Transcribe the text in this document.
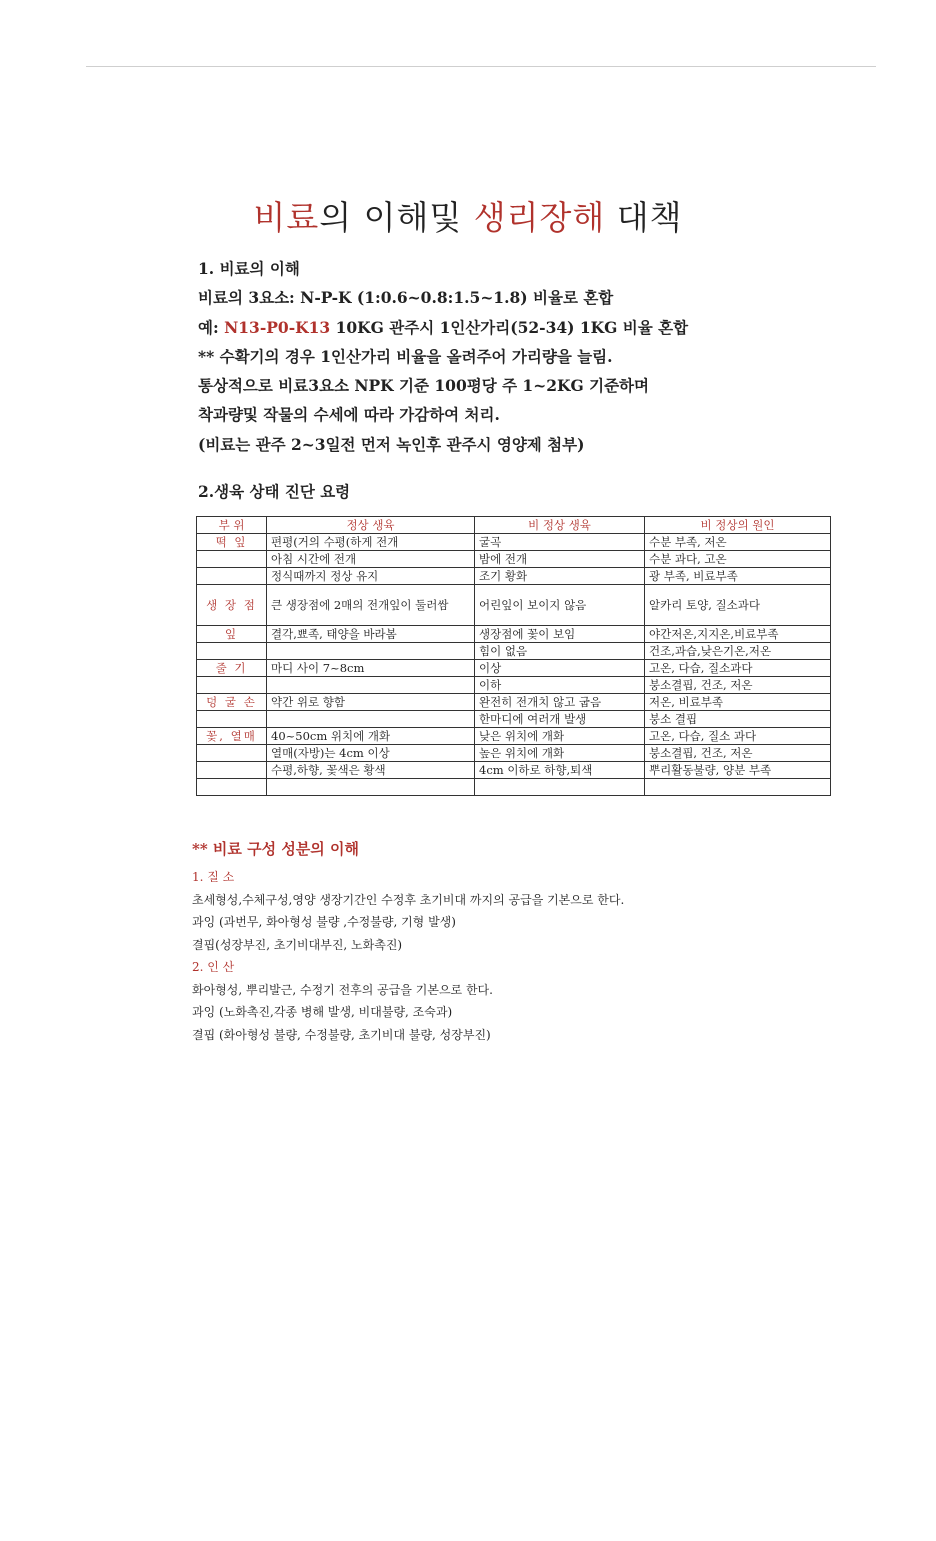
비료의 이해및 생리장해 대책
1. 비료의 이해
비료의 3요소: N-P-K (1:0.6~0.8:1.5~1.8) 비율로 혼합
예: N13-P0-K13 10KG 관주시 1인산가리(52-34) 1KG 비율 혼합
** 수확기의 경우 1인산가리 비율을 올려주어 가리량을 늘림.
통상적으로 비료3요소 NPK 기준 100평당 주 1~2KG 기준하며
착과량및 작물의 수세에 따라 가감하여 처리.
(비료는 관주 2~3일전 먼저 녹인후 관주시 영양제 첨부)
2.생육 상태 진단 요령
부 위	정상 생육	비 정상 생육	비 정상의 원인
떡 잎	편평(거의 수평(하게 전개	굴곡	수분 부족, 저온
	아침 시간에 전개	밤에 전개	수분 과다, 고온
	정식때까지 정상 유지	조기 황화	광 부족, 비료부족
생 장 점	큰 생장점에 2매의 전개잎이 둘러쌈	어린잎이 보이지 않음	알카리 토양, 질소과다
잎	결각,뾰족, 태양을 바라봄	생장점에 꽃이 보임	야간저온,지지온,비료부족
		힘이 없음	건조,과습,낮은기온,저온
줄 기	마디 사이 7~8cm	이상	고온, 다습, 질소과다
		이하	붕소결핍, 건조, 저온
덩 굴 손	약간 위로 향함	완전히 전개치 않고 굽음	저온, 비료부족
		한마디에 여러개 발생	붕소 결핍
꽃, 열매	40~50cm 위치에 개화	낮은 위치에 개화	고온, 다습, 질소 과다
	열매(자방)는 4cm 이상	높은 위치에 개화	붕소결핍, 건조, 저온
	수평,하향, 꽃색은 황색	4cm 이하로 하향,퇴색	뿌리활동불량, 양분 부족

** 비료 구성 성분의 이해
1. 질 소
초세형성,수체구성,영양 생장기간인 수정후 초기비대 까지의 공급을 기본으로 한다.
과잉 (과번무, 화아형성 불량 ,수정불량, 기형 발생)
결핍(성장부진, 초기비대부진, 노화촉진)
2. 인 산
화아형성, 뿌리발근, 수정기 전후의 공급을 기본으로 한다.
과잉 (노화촉진,각종 병해 발생, 비대불량, 조숙과)
결핍 (화아형성 불량, 수정불량, 초기비대 불량, 성장부진)
